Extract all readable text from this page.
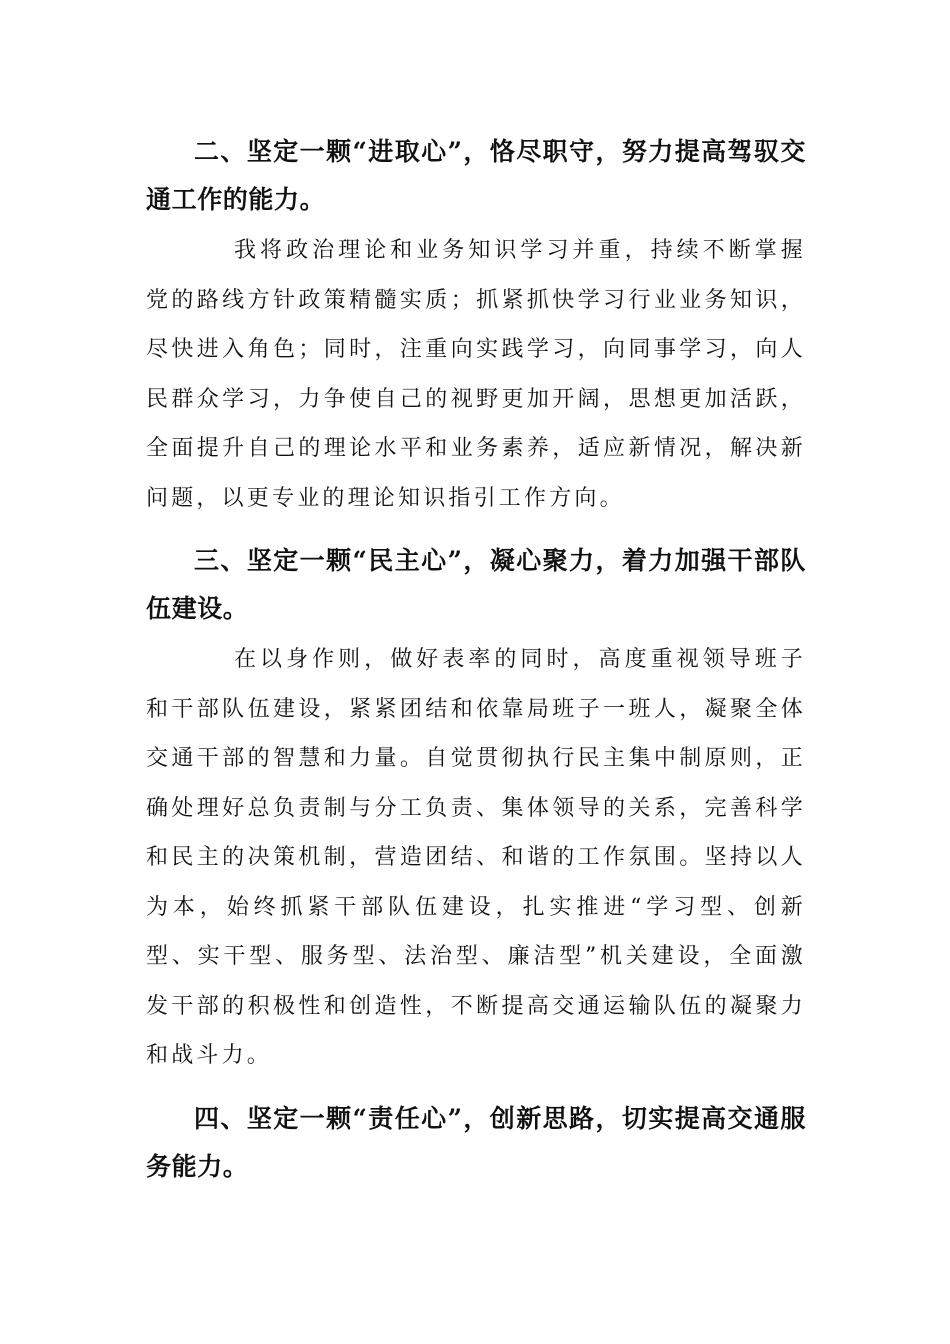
二、坚定一颗“进取心”，恪尽职守，努力提高驾驭交通工作的能力。

我将政治理论和业务知识学习并重，持续不断掌握党的路线方针政策精髓实质；抓紧抓快学习行业业务知识，尽快进入角色；同时，注重向实践学习，向同事学习，向人民群众学习，力争使自己的视野更加开阔，思想更加活跃，全面提升自己的理论水平和业务素养，适应新情况，解决新问题，以更专业的理论知识指引工作方向。

三、坚定一颗“民主心”，凝心聚力，着力加强干部队伍建设。

在以身作则，做好表率的同时，高度重视领导班子和干部队伍建设，紧紧团结和依靠局班子一班人，凝聚全体交通干部的智慧和力量。自觉贯彻执行民主集中制原则，正确处理好总负责制与分工负责、集体领导的关系，完善科学和民主的决策机制，营造团结、和谐的工作氛围。坚持以人为本，始终抓紧干部队伍建设，扎实推进“学习型、创新型、实干型、服务型、法治型、廉洁型”机关建设，全面激发干部的积极性和创造性，不断提高交通运输队伍的凝聚力和战斗力。

四、坚定一颗“责任心”，创新思路，切实提高交通服务能力。
